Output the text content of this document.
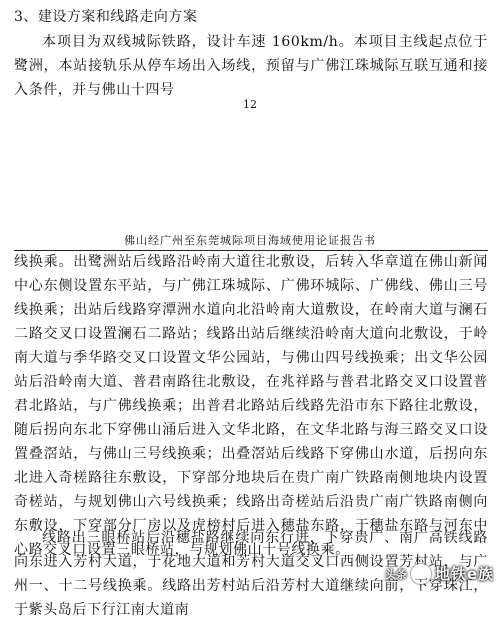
3、建设方案和线路走向方案
本项目为双线城际铁路，设计车速 160km/h。本项目主线起点位于鹭洲，本站接轨乐从停车场出入场线，预留与广佛江珠城际互联互通和接入条件，并与佛山十四号
12
佛山经广州至东莞城际项目海域使用论证报告书
线换乘。出鹭洲站后线路沿岭南大道往北敷设，后转入华章道在佛山新闻中心东侧设置东平站，与广佛江珠城际、广佛环城际、广佛线、佛山三号线换乘；出站后线路穿潭洲水道向北沿岭南大道敷设，在岭南大道与澜石二路交叉口设置澜石二路站；线路出站后继续沿岭南大道向北敷设，于岭南大道与季华路交叉口设置文华公园站，与佛山四号线换乘；出文华公园站后沿岭南大道、普君南路往北敷设，在兆祥路与普君北路交叉口设置普君北路站，与广佛线换乘；出普君北路站后线路先沿市东下路往北敷设，随后拐向东北下穿佛山涌后进入文华北路，在文华北路与海三路交叉口设置叠滘站，与佛山三号线换乘；出叠滘站后线路下穿佛山水道，后拐向东北进入奇槎路往东敷设，下穿部分地块后在贵广南广铁路南侧地块内设置奇槎站，与规划佛山六号线换乘；线路出奇槎站后沿贵广南广铁路南侧向东敷设，下穿部分厂房以及虎榜村后进入穗盐东路，于穗盐东路与河东中心路交叉口设置三眼桥站，与规划佛山十号线换乘。
线路出三眼桥站后沿穗盐路继续向东行进，下穿贵广、南广高铁线路向东进入芳村大道，于花地大道和芳村大道交叉口西侧设置芳村站，与广州一、十二号线换乘。线路出芳村站后沿芳村大道继续向前，下穿珠江，于紫头岛后下行江南大道南
头条 地铁e族
